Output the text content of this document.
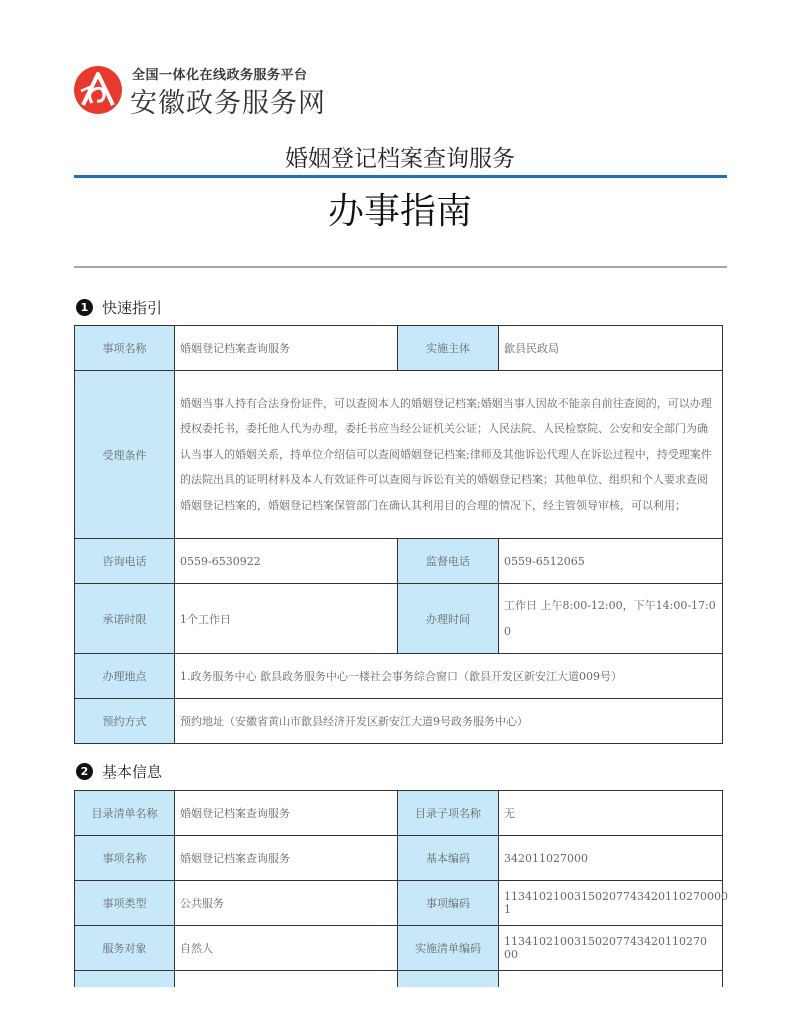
全国一体化在线政务服务平台
安徽政务服务网
婚姻登记档案查询服务
办事指南
1 快速指引
事项名称	婚姻登记档案查询服务	实施主体	歙县民政局
受理条件	婚姻当事人持有合法身份证件，可以查阅本人的婚姻登记档案;婚姻当事人因故不能亲自前往查阅的，可以办理授权委托书，委托他人代为办理，委托书应当经公证机关公证；人民法院、人民检察院、公安和安全部门为确认当事人的婚姻关系，持单位介绍信可以查阅婚姻登记档案;律师及其他诉讼代理人在诉讼过程中，持受理案件的法院出具的证明材料及本人有效证件可以查阅与诉讼有关的婚姻登记档案；其他单位、组织和个人要求查阅婚姻登记档案的，婚姻登记档案保管部门在确认其利用目的合理的情况下，经主管领导审核，可以利用；		
咨询电话	0559-6530922	监督电话	0559-6512065
承诺时限	1个工作日	办理时间	工作日 上午8:00-12:00，下午14:00-17:00
办理地点	1.政务服务中心 歙县政务服务中心一楼社会事务综合窗口（歙县开发区新安江大道009号）		
预约方式	预约地址（安徽省黄山市歙县经济开发区新安江大道9号政务服务中心）		
2 基本信息
目录清单名称	婚姻登记档案查询服务	目录子项名称	无
事项名称	婚姻登记档案查询服务	基本编码	342011027000
事项类型	公共服务	事项编码	11341021003150207743420110270000​1
服务对象	自然人	实施清单编码	11341021003150207743420110270​00
